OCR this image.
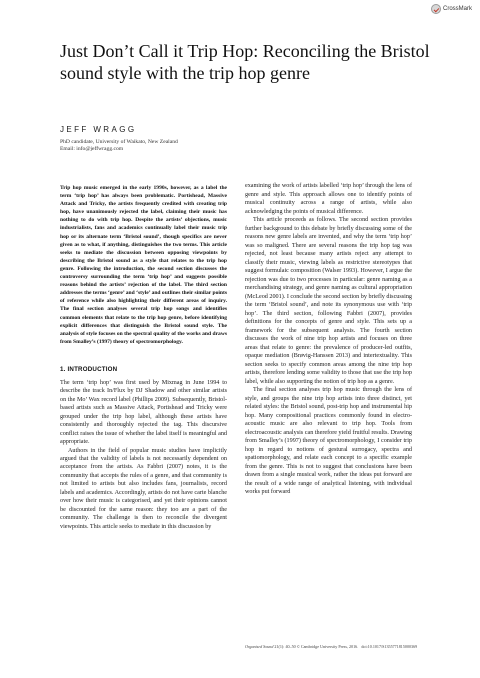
CrossMark
Just Don’t Call it Trip Hop: Reconciling the Bristol sound style with the trip hop genre

JEFF WRAGG

PhD candidate, University of Waikato, New Zealand
Email: info@jeffwragg.com

Trip hop music emerged in the early 1990s, however, as a label the term ‘trip hop’ has always been problematic. Portishead, Massive Attack and Tricky, the artists frequently credited with creating trip hop, have unanimously rejected the label, claiming their music has nothing to do with trip hop. Despite the artists’ objections, music industrialists, fans and academics continually label their music trip hop or its alternate term ‘Bristol sound’, though specifics are never given as to what, if anything, distinguishes the two terms. This article seeks to mediate the discussion between opposing viewpoints by describing the Bristol sound as a style that relates to the trip hop genre. Following the introduction, the second section discusses the controversy surrounding the term ‘trip hop’ and suggests possible reasons behind the artists’ rejection of the label. The third section addresses the terms ‘genre’ and ‘style’ and outlines their similar points of reference while also highlighting their different areas of inquiry. The final section analyses several trip hop songs and identifies common elements that relate to the trip hop genre, before identifying explicit differences that distinguish the Bristol sound style. The analysis of style focuses on the spectral quality of the works and draws from Smalley’s (1997) theory of spectromorphology.

1. INTRODUCTION

The term ‘trip hop’ was first used by Mixmag in June 1994 to describe the track In/Flux by DJ Shadow and other similar artists on the Mo’ Wax record label (Phillips 2009). Subsequently, Bristol-based artists such as Massive Attack, Portishead and Tricky were grouped under the trip hop label, although these artists have consistently and thoroughly rejected the tag. This discursive conflict raises the issue of whether the label itself is meaningful and appropriate.

Authors in the field of popular music studies have implicitly argued that the validity of labels is not necessarily dependent on acceptance from the artists. As Fabbri (2007) notes, it is the community that accepts the rules of a genre, and that community is not limited to artists but also includes fans, journalists, record labels and academics. Accordingly, artists do not have carte blanche over how their music is categorised, and yet their opinions cannot be discounted for the same reason: they too are a part of the community. The challenge is then to reconcile the divergent viewpoints. This article seeks to mediate in this discussion by

examining the work of artists labelled ‘trip hop’ through the lens of genre and style. This approach allows one to identify points of musical continuity across a range of artists, while also acknowledging the points of musical difference.

This article proceeds as follows. The second section provides further background to this debate by briefly discussing some of the reasons new genre labels are invented, and why the term ‘trip hop’ was so maligned. There are several reasons the trip hop tag was rejected, not least because many artists reject any attempt to classify their music, viewing labels as restrictive stereotypes that suggest formulaic composition (Walser 1993). However, I argue the rejection was due to two processes in particular: genre naming as a merchandising strategy, and genre naming as cultural appropriation (McLeod 2001). I conclude the second section by briefly discussing the term ‘Bristol sound’, and note its synonymous use with ‘trip hop’. The third section, following Fabbri (2007), provides definitions for the concepts of genre and style. This sets up a framework for the subsequent analysis. The fourth section discusses the work of nine trip hop artists and focuses on three areas that relate to genre: the prevalence of producer-led outfits, opaque mediation (Brøvig-Hanssen 2013) and intertextuality. This section seeks to specify common areas among the nine trip hop artists, therefore lending some validity to those that use the trip hop label, while also supporting the notion of trip hop as a genre.

The final section analyses trip hop music through the lens of style, and groups the nine trip hop artists into three distinct, yet related styles: the Bristol sound, post-trip hop and instrumental hip hop. Many compositional practices commonly found in electro-acoustic music are also relevant to trip hop. Tools from electroacoustic analysis can therefore yield fruitful results. Drawing from Smalley’s (1997) theory of spectromorphology, I consider trip hop in regard to notions of gestural surrogacy, spectra and spatiomorphology, and relate each concept to a specific example from the genre. This is not to suggest that conclusions have been drawn from a single musical work, rather the ideas put forward are the result of a wide range of analytical listening, with individual works put forward

Organised Sound 21(1): 40–50 © Cambridge University Press, 2016. doi:10.1017/S1355771815000369
